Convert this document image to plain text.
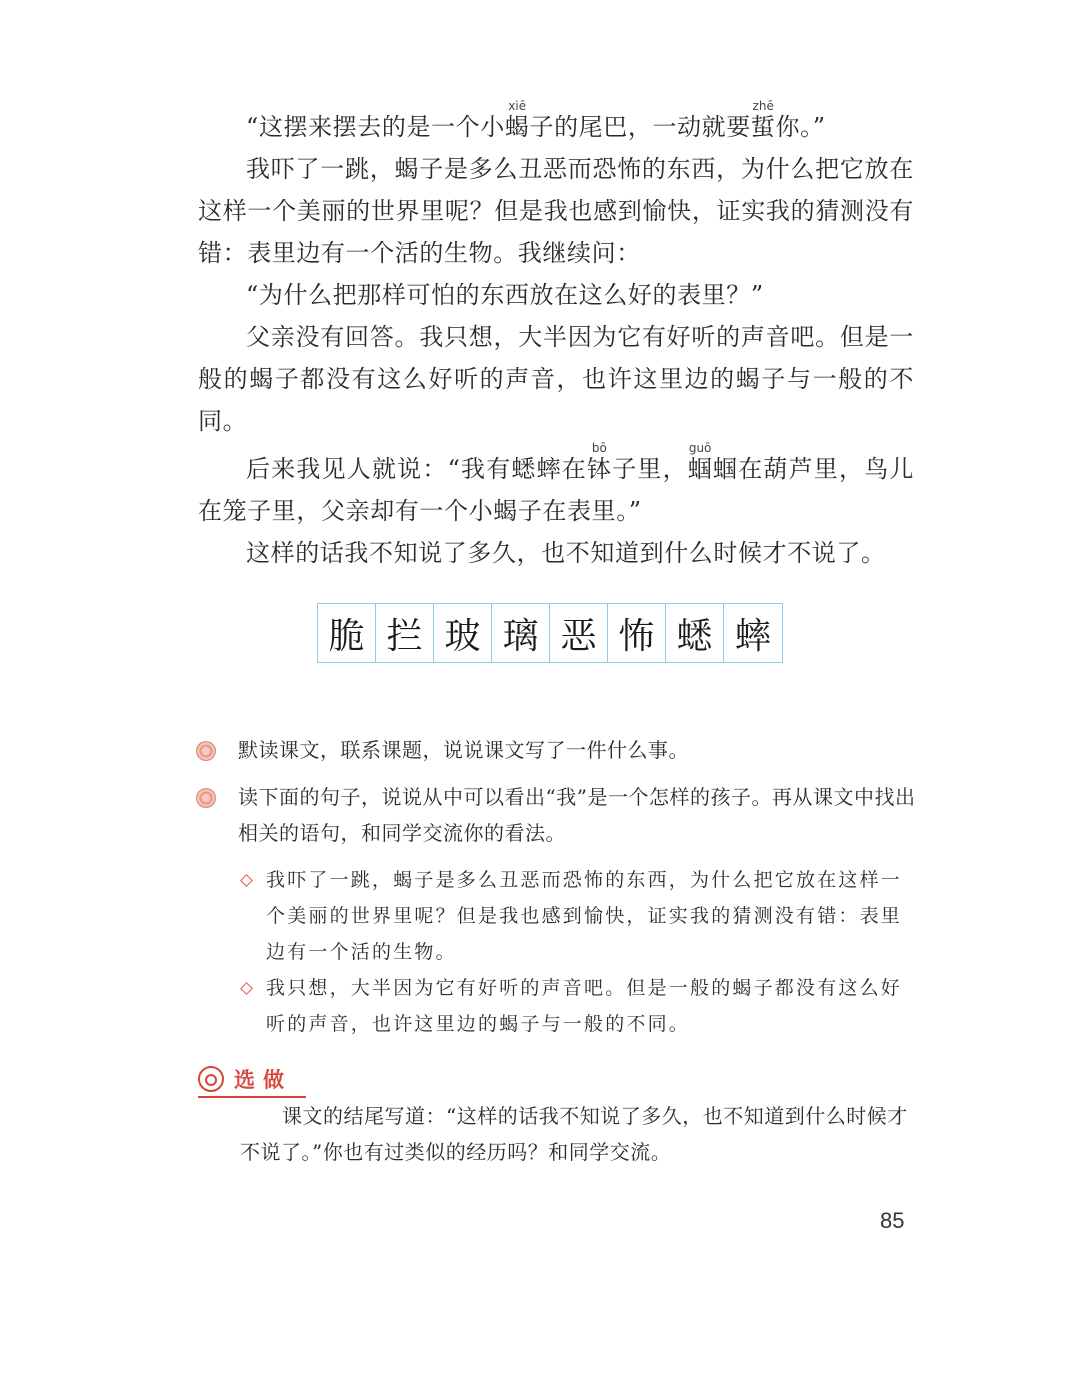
“这摆来摆去的是一个小蝎xiē子的尾巴，一动就要蜇zhē你。”

我吓了一跳，蝎子是多么丑恶而恐怖的东西，为什么把它放在这样一个美丽的世界里呢？但是我也感到愉快，证实我的猜测没有错：表里边有一个活的生物。我继续问：

“为什么把那样可怕的东西放在这么好的表里？”

父亲没有回答。我只想，大半因为它有好听的声音吧。但是一般的蝎子都没有这么好听的声音，也许这里边的蝎子与一般的不同。

后来我见人就说：“我有蟋蟀在钵bō子里，蝈guō蝈在葫芦里，鸟儿在笼子里，父亲却有一个小蝎子在表里。”

这样的话我不知说了多久，也不知道到什么时候才不说了。

脆 拦 玻 璃 恶 怖 蟋 蟀
默读课文，联系课题，说说课文写了一件什么事。
读下面的句子，说说从中可以看出“我”是一个怎样的孩子。再从课文中找出相关的语句，和同学交流你的看法。
我吓了一跳，蝎子是多么丑恶而恐怖的东西，为什么把它放在这样一个美丽的世界里呢？但是我也感到愉快，证实我的猜测没有错：表里边有一个活的生物。
我只想，大半因为它有好听的声音吧。但是一般的蝎子都没有这么好听的声音，也许这里边的蝎子与一般的不同。
选做
课文的结尾写道：“这样的话我不知说了多久，也不知道到什么时候才不说了。”你也有过类似的经历吗？和同学交流。
85
